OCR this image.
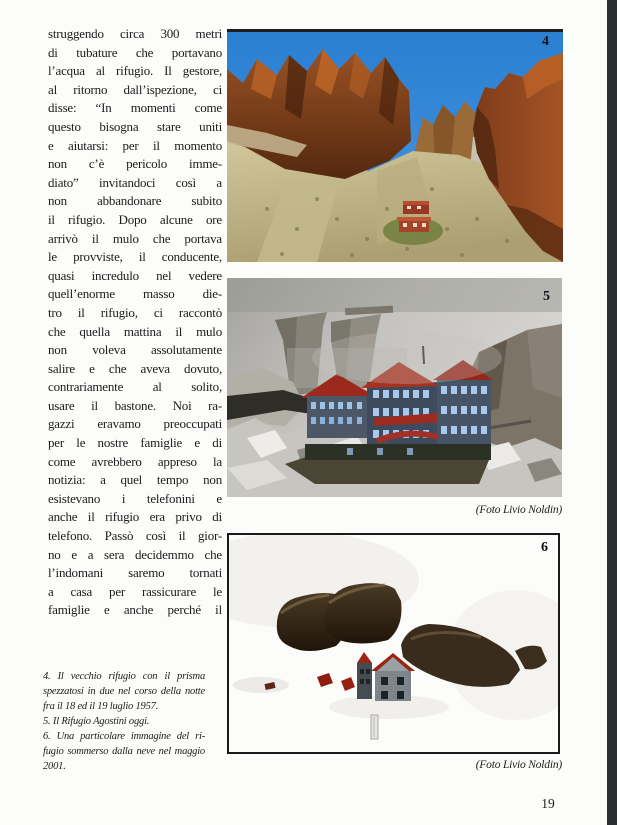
struggendo circa 300 metri
di tubature che portavano
l’acqua al rifugio. Il gestore,
al ritorno dall’ispezione, ci
disse: “In momenti come
questo bisogna stare uniti
e aiutarsi: per il momento
non c’è pericolo imme-
diato” invitandoci così a
non abbandonare subito
il rifugio. Dopo alcune ore
arrivò il mulo che portava
le provviste, il conducente,
quasi incredulo nel vedere
quell’enorme masso die-
tro il rifugio, ci raccontò
che quella mattina il mulo
non voleva assolutamente
salire e che aveva dovuto,
contrariamente al solito,
usare il bastone. Noi ra-
gazzi eravamo preoccupati
per le nostre famiglie e di
come avrebbero appreso la
notizia: a quel tempo non
esistevano i telefonini e
anche il rifugio era privo di
telefono. Passò così il gior-
no e a sera decidemmo che
l’indomani saremo tornati
a casa per rassicurare le
famiglie e anche perché il
4. Il vecchio rifugio con il prisma
spezzatosi in due nel corso della notte
fra il 18 ed il 19 luglio 1957.
5. Il Rifugio Agostini oggi.
6. Una particolare immagine del ri-
fugio sommerso dalla neve nel maggio
2001.
4
5
(Foto Livio Noldin)
6
(Foto Livio Noldin)
19
